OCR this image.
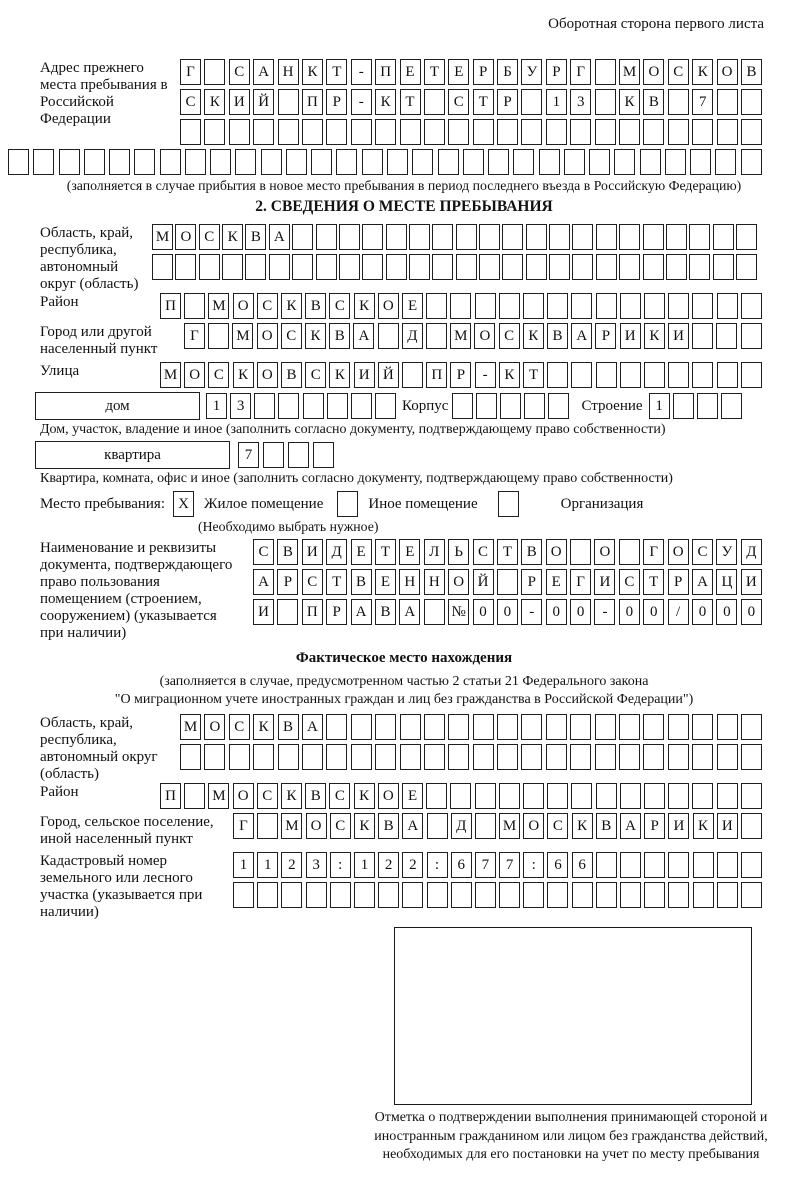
Оборотная сторона первого листа
Адрес прежнего места пребывания в Российской Федерации
Г	С А Н К Т	-	П Е	Т	Е	Р	Б У Р	Г	М О С К О В
С К И Й	П Р	-	К Т	С Т	Р	1	3	К В	7
(заполняется в случае прибытия в новое место пребывания в период последнего въезда в Российскую Федерацию)
2. СВЕДЕНИЯ О МЕСТЕ ПРЕБЫВАНИЯ
Область, край, республика, автономный округ (область)
М О С К В А
Район	П	М О С К В С К О Е
Город или другой населенный пункт
Г	М О С К В А	Д	М О С К В А Р И К И
Улица	М О С К О В С К И Й	П Р	-	К Т
дом	1	3	Корпус	Строение 1
Дом, участок, владение и иное (заполнить согласно документу, подтверждающему право собственности)
квартира	7
Квартира, комната, офис и иное (заполнить согласно документу, подтверждающему право собственности)
Место пребывания: X	Жилое помещение	Иное помещение	Организация
(Необходимо выбрать нужное)
Наименование и реквизиты документа, подтверждающего право пользования помещением (строением, сооружением) (указывается при наличии)
С В И Д Е	Т	Е Л Ь	С Т В О	О	Г О С У Д
А Р	С Т В Е Н Н О Й	Р	Е	Г И С Т	Р А Ц И
И	П Р А В А	№ 0	0	-	0	0	-	0	0	/	0	0	0
Фактическое место нахождения
(заполняется в случае, предусмотренном частью 2 статьи 21 Федерального закона
"О миграционном учете иностранных граждан и лиц без гражданства в Российской Федерации")
Область, край, республика, автономный округ (область)
М О С К В А
Район	П	М О С К В С К О Е
Город, сельское поселение, иной населенный пункт
Г	М О С К В А	Д	М О С К В А Р И К И
Кадастровый номер земельного или лесного участка (указывается при наличии)
1	1	2	3	:	1	2	2	:	6	7	7	:	6	6
Отметка о подтверждении выполнения принимающей стороной и иностранным гражданином или лицом без гражданства действий, необходимых для его постановки на учет по месту пребывания
